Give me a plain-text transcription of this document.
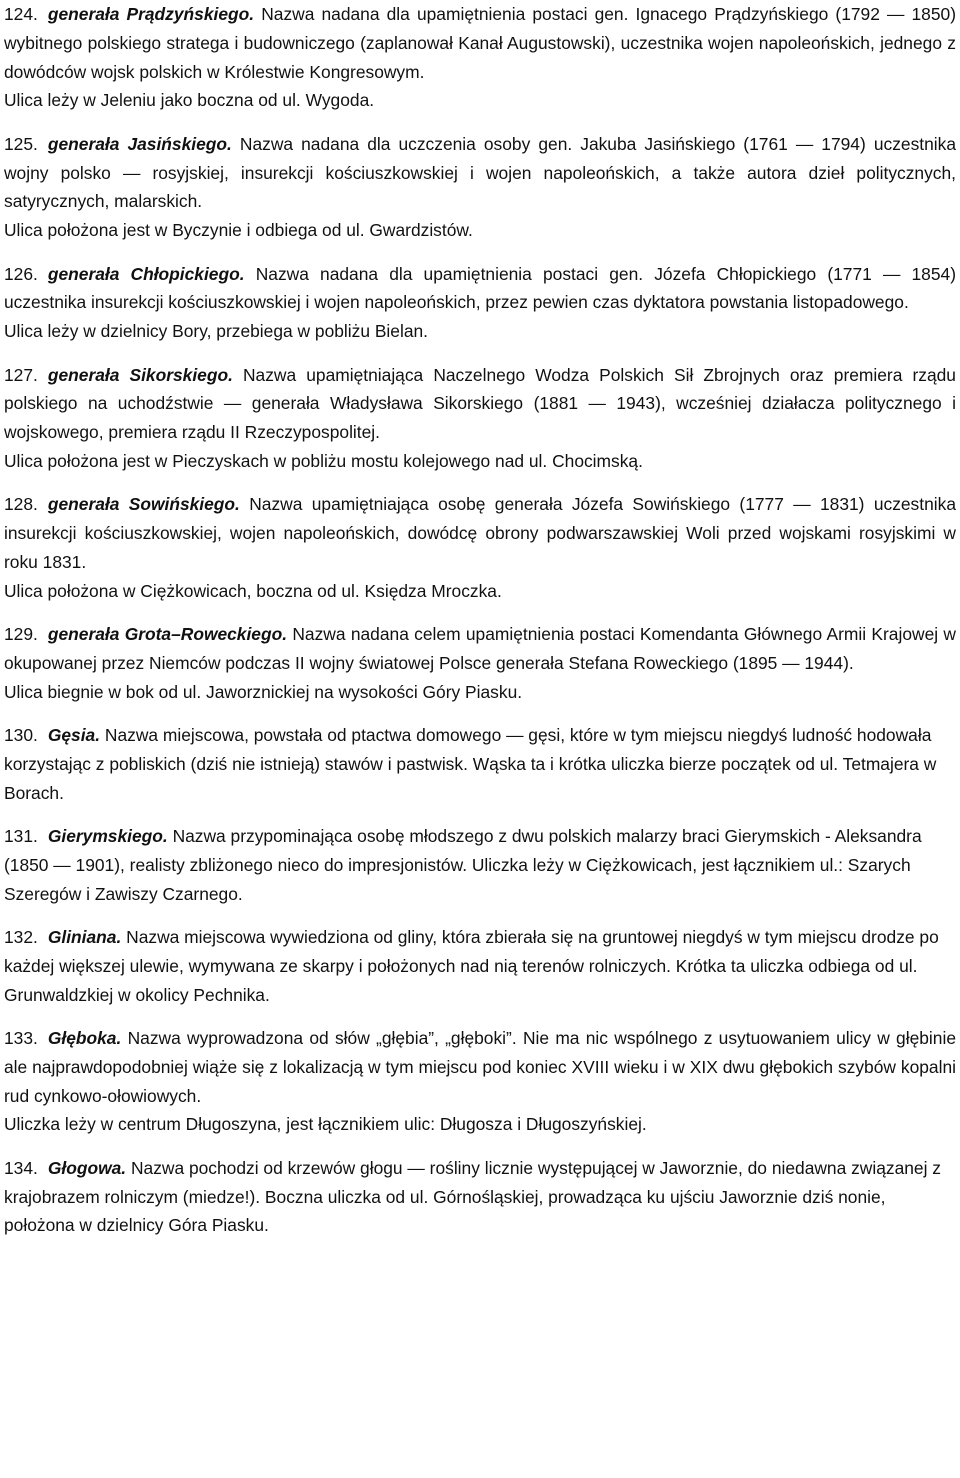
124. generała Prądzyńskiego. Nazwa nadana dla upamiętnienia postaci gen. Ignacego Prądzyńskiego (1792 — 1850) wybitnego polskiego stratega i budowniczego (zaplanował Kanał Augustowski), uczestnika wojen napoleońskich, jednego z dowódców wojsk polskich w Królestwie Kongresowym.

Ulica leży w Jeleniu jako boczna od ul. Wygoda.

125. generała Jasińskiego. Nazwa nadana dla uczczenia osoby gen. Jakuba Jasińskiego (1761 — 1794) uczestnika wojny polsko — rosyjskiej, insurekcji kościuszkowskiej i wojen napoleońskich, a także autora dzieł politycznych, satyrycznych, malarskich.

Ulica położona jest w Byczynie i odbiega od ul. Gwardzistów.

126. generała Chłopickiego. Nazwa nadana dla upamiętnienia postaci gen. Józefa Chłopickiego (1771 — 1854) uczestnika insurekcji kościuszkowskiej i wojen napoleońskich, przez pewien czas dyktatora powstania listopadowego.

Ulica leży w dzielnicy Bory, przebiega w pobliżu Bielan.

127. generała Sikorskiego. Nazwa upamiętniająca Naczelnego Wodza Polskich Sił Zbrojnych oraz premiera rządu polskiego na uchodźstwie — generała Władysława Sikorskiego (1881 — 1943), wcześniej działacza politycznego i wojskowego, premiera rządu II Rzeczypospolitej.

Ulica położona jest w Pieczyskach w pobliżu mostu kolejowego nad ul. Chocimską.

128. generała Sowińskiego. Nazwa upamiętniająca osobę generała Józefa Sowińskiego (1777 — 1831) uczestnika insurekcji kościuszkowskiej, wojen napoleońskich, dowódcę obrony podwarszawskiej Woli przed wojskami rosyjskimi w roku 1831.

Ulica położona w Ciężkowicach, boczna od ul. Księdza Mroczka.

129. generała Grota–Roweckiego. Nazwa nadana celem upamiętnienia postaci Komendanta Głównego Armii Krajowej w okupowanej przez Niemców podczas II wojny światowej Polsce generała Stefana Roweckiego (1895 — 1944).

Ulica biegnie w bok od ul. Jaworznickiej na wysokości Góry Piasku.

130. Gęsia. Nazwa miejscowa, powstała od ptactwa domowego — gęsi, które w tym miejscu niegdyś ludność hodowała korzystając z pobliskich (dziś nie istnieją) stawów i pastwisk. Wąska ta i krótka uliczka bierze początek od ul. Tetmajera w Borach.

131. Gierymskiego. Nazwa przypominająca osobę młodszego z dwu polskich malarzy braci Gierymskich - Aleksandra (1850 — 1901), realisty zbliżonego nieco do impresjonistów. Uliczka leży w Ciężkowicach, jest łącznikiem ul.: Szarych Szeregów i Zawiszy Czarnego.

132. Gliniana. Nazwa miejscowa wywiedziona od gliny, która zbierała się na gruntowej niegdyś w tym miejscu drodze po każdej większej ulewie, wymywana ze skarpy i położonych nad nią terenów rolniczych. Krótka ta uliczka odbiega od ul. Grunwaldzkiej w okolicy Pechnika.

133. Głęboka. Nazwa wyprowadzona od słów „głębia”, „głęboki”. Nie ma nic wspólnego z usytuowaniem ulicy w głębinie ale najprawdopodobniej wiąże się z lokalizacją w tym miejscu pod koniec XVIII wieku i w XIX dwu głębokich szybów kopalni rud cynkowo-ołowiowych.

Uliczka leży w centrum Długoszyna, jest łącznikiem ulic: Długosza i Długoszyńskiej.

134. Głogowa. Nazwa pochodzi od krzewów głogu — rośliny licznie występującej w Jaworznie, do niedawna związanej z krajobrazem rolniczym (miedze!). Boczna uliczka od ul. Górnośląskiej, prowadząca ku ujściu Jaworznie dziś nonie, położona w dzielnicy Góra Piasku.
